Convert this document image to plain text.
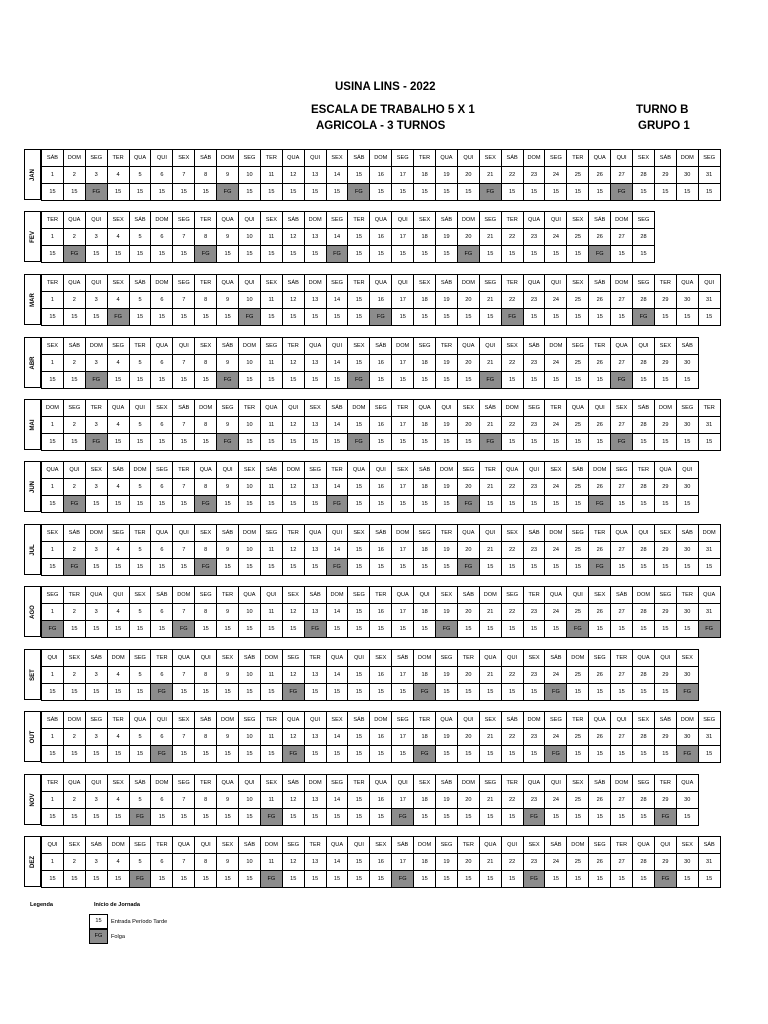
USINA LINS - 2022
ESCALA DE TRABALHO 5 X 1
AGRICOLA - 3 TURNOS
TURNO B
GRUPO 1
JAN
SÁB	DOM	SEG	TER	QUA	QUI	SEX	SÁB	DOM	SEG	TER	QUA	QUI	SEX	SÁB	DOM	SEG	TER	QUA	QUI	SEX	SÁB	DOM	SEG	TER	QUA	QUI	SEX	SÁB	DOM	SEG
1	2	3	4	5	6	7	8	9	10	11	12	13	14	15	16	17	18	19	20	21	22	23	24	25	26	27	28	29	30	31
15	15	FG	15	15	15	15	15	FG	15	15	15	15	15	FG	15	15	15	15	15	FG	15	15	15	15	15	FG	15	15	15	15
FEV
TER	QUA	QUI	SEX	SÁB	DOM	SEG	TER	QUA	QUI	SEX	SÁB	DOM	SEG	TER	QUA	QUI	SEX	SÁB	DOM	SEG	TER	QUA	QUI	SEX	SÁB	DOM	SEG
1	2	3	4	5	6	7	8	9	10	11	12	13	14	15	16	17	18	19	20	21	22	23	24	25	26	27	28
15	FG	15	15	15	15	15	FG	15	15	15	15	15	FG	15	15	15	15	15	FG	15	15	15	15	15	FG	15	15
MAR
TER	QUA	QUI	SEX	SÁB	DOM	SEG	TER	QUA	QUI	SEX	SÁB	DOM	SEG	TER	QUA	QUI	SEX	SÁB	DOM	SEG	TER	QUA	QUI	SEX	SÁB	DOM	SEG	TER	QUA	QUI
1	2	3	4	5	6	7	8	9	10	11	12	13	14	15	16	17	18	19	20	21	22	23	24	25	26	27	28	29	30	31
15	15	15	FG	15	15	15	15	15	FG	15	15	15	15	15	FG	15	15	15	15	15	FG	15	15	15	15	15	FG	15	15	15
ABR
SEX	SÁB	DOM	SEG	TER	QUA	QUI	SEX	SÁB	DOM	SEG	TER	QUA	QUI	SEX	SÁB	DOM	SEG	TER	QUA	QUI	SEX	SÁB	DOM	SEG	TER	QUA	QUI	SEX	SÁB
1	2	3	4	5	6	7	8	9	10	11	12	13	14	15	16	17	18	19	20	21	22	23	24	25	26	27	28	29	30
15	15	FG	15	15	15	15	15	FG	15	15	15	15	15	FG	15	15	15	15	15	FG	15	15	15	15	15	FG	15	15	15
MAI
DOM	SEG	TER	QUA	QUI	SEX	SÁB	DOM	SEG	TER	QUA	QUI	SEX	SÁB	DOM	SEG	TER	QUA	QUI	SEX	SÁB	DOM	SEG	TER	QUA	QUI	SEX	SÁB	DOM	SEG	TER
1	2	3	4	5	6	7	8	9	10	11	12	13	14	15	16	17	18	19	20	21	22	23	24	25	26	27	28	29	30	31
15	15	FG	15	15	15	15	15	FG	15	15	15	15	15	FG	15	15	15	15	15	FG	15	15	15	15	15	FG	15	15	15	15
JUN
QUA	QUI	SEX	SÁB	DOM	SEG	TER	QUA	QUI	SEX	SÁB	DOM	SEG	TER	QUA	QUI	SEX	SÁB	DOM	SEG	TER	QUA	QUI	SEX	SÁB	DOM	SEG	TER	QUA	QUI
1	2	3	4	5	6	7	8	9	10	11	12	13	14	15	16	17	18	19	20	21	22	23	24	25	26	27	28	29	30
15	FG	15	15	15	15	15	FG	15	15	15	15	15	FG	15	15	15	15	15	FG	15	15	15	15	15	FG	15	15	15	15
JUL
SEX	SÁB	DOM	SEG	TER	QUA	QUI	SEX	SÁB	DOM	SEG	TER	QUA	QUI	SEX	SÁB	DOM	SEG	TER	QUA	QUI	SEX	SÁB	DOM	SEG	TER	QUA	QUI	SEX	SÁB	DOM
1	2	3	4	5	6	7	8	9	10	11	12	13	14	15	16	17	18	19	20	21	22	23	24	25	26	27	28	29	30	31
15	FG	15	15	15	15	15	FG	15	15	15	15	15	FG	15	15	15	15	15	FG	15	15	15	15	15	FG	15	15	15	15	15
AGO
SEG	TER	QUA	QUI	SEX	SÁB	DOM	SEG	TER	QUA	QUI	SEX	SÁB	DOM	SEG	TER	QUA	QUI	SEX	SÁB	DOM	SEG	TER	QUA	QUI	SEX	SÁB	DOM	SEG	TER	QUA
1	2	3	4	5	6	7	8	9	10	11	12	13	14	15	16	17	18	19	20	21	22	23	24	25	26	27	28	29	30	31
FG	15	15	15	15	15	FG	15	15	15	15	15	FG	15	15	15	15	15	FG	15	15	15	15	15	FG	15	15	15	15	15	FG
SET
QUI	SEX	SÁB	DOM	SEG	TER	QUA	QUI	SEX	SÁB	DOM	SEG	TER	QUA	QUI	SEX	SÁB	DOM	SEG	TER	QUA	QUI	SEX	SÁB	DOM	SEG	TER	QUA	QUI	SEX
1	2	3	4	5	6	7	8	9	10	11	12	13	14	15	16	17	18	19	20	21	22	23	24	25	26	27	28	29	30
15	15	15	15	15	FG	15	15	15	15	15	FG	15	15	15	15	15	FG	15	15	15	15	15	FG	15	15	15	15	15	FG
OUT
SÁB	DOM	SEG	TER	QUA	QUI	SEX	SÁB	DOM	SEG	TER	QUA	QUI	SEX	SÁB	DOM	SEG	TER	QUA	QUI	SEX	SÁB	DOM	SEG	TER	QUA	QUI	SEX	SÁB	DOM	SEG
1	2	3	4	5	6	7	8	9	10	11	12	13	14	15	16	17	18	19	20	21	22	23	24	25	26	27	28	29	30	31
15	15	15	15	15	FG	15	15	15	15	15	FG	15	15	15	15	15	FG	15	15	15	15	15	FG	15	15	15	15	15	FG	15
NOV
TER	QUA	QUI	SEX	SÁB	DOM	SEG	TER	QUA	QUI	SEX	SÁB	DOM	SEG	TER	QUA	QUI	SEX	SÁB	DOM	SEG	TER	QUA	QUI	SEX	SÁB	DOM	SEG	TER	QUA
1	2	3	4	5	6	7	8	9	10	11	12	13	14	15	16	17	18	19	20	21	22	23	24	25	26	27	28	29	30
15	15	15	15	FG	15	15	15	15	15	FG	15	15	15	15	15	FG	15	15	15	15	15	FG	15	15	15	15	15	FG	15
DEZ
QUI	SEX	SÁB	DOM	SEG	TER	QUA	QUI	SEX	SÁB	DOM	SEG	TER	QUA	QUI	SEX	SÁB	DOM	SEG	TER	QUA	QUI	SEX	SÁB	DOM	SEG	TER	QUA	QUI	SEX	SÁB
1	2	3	4	5	6	7	8	9	10	11	12	13	14	15	16	17	18	19	20	21	22	23	24	25	26	27	28	29	30	31
15	15	15	15	FG	15	15	15	15	15	FG	15	15	15	15	15	FG	15	15	15	15	15	FG	15	15	15	15	15	FG	15	15
Legenda	Início de Jornada
15	Entrada Período Tarde
FG	Folga
